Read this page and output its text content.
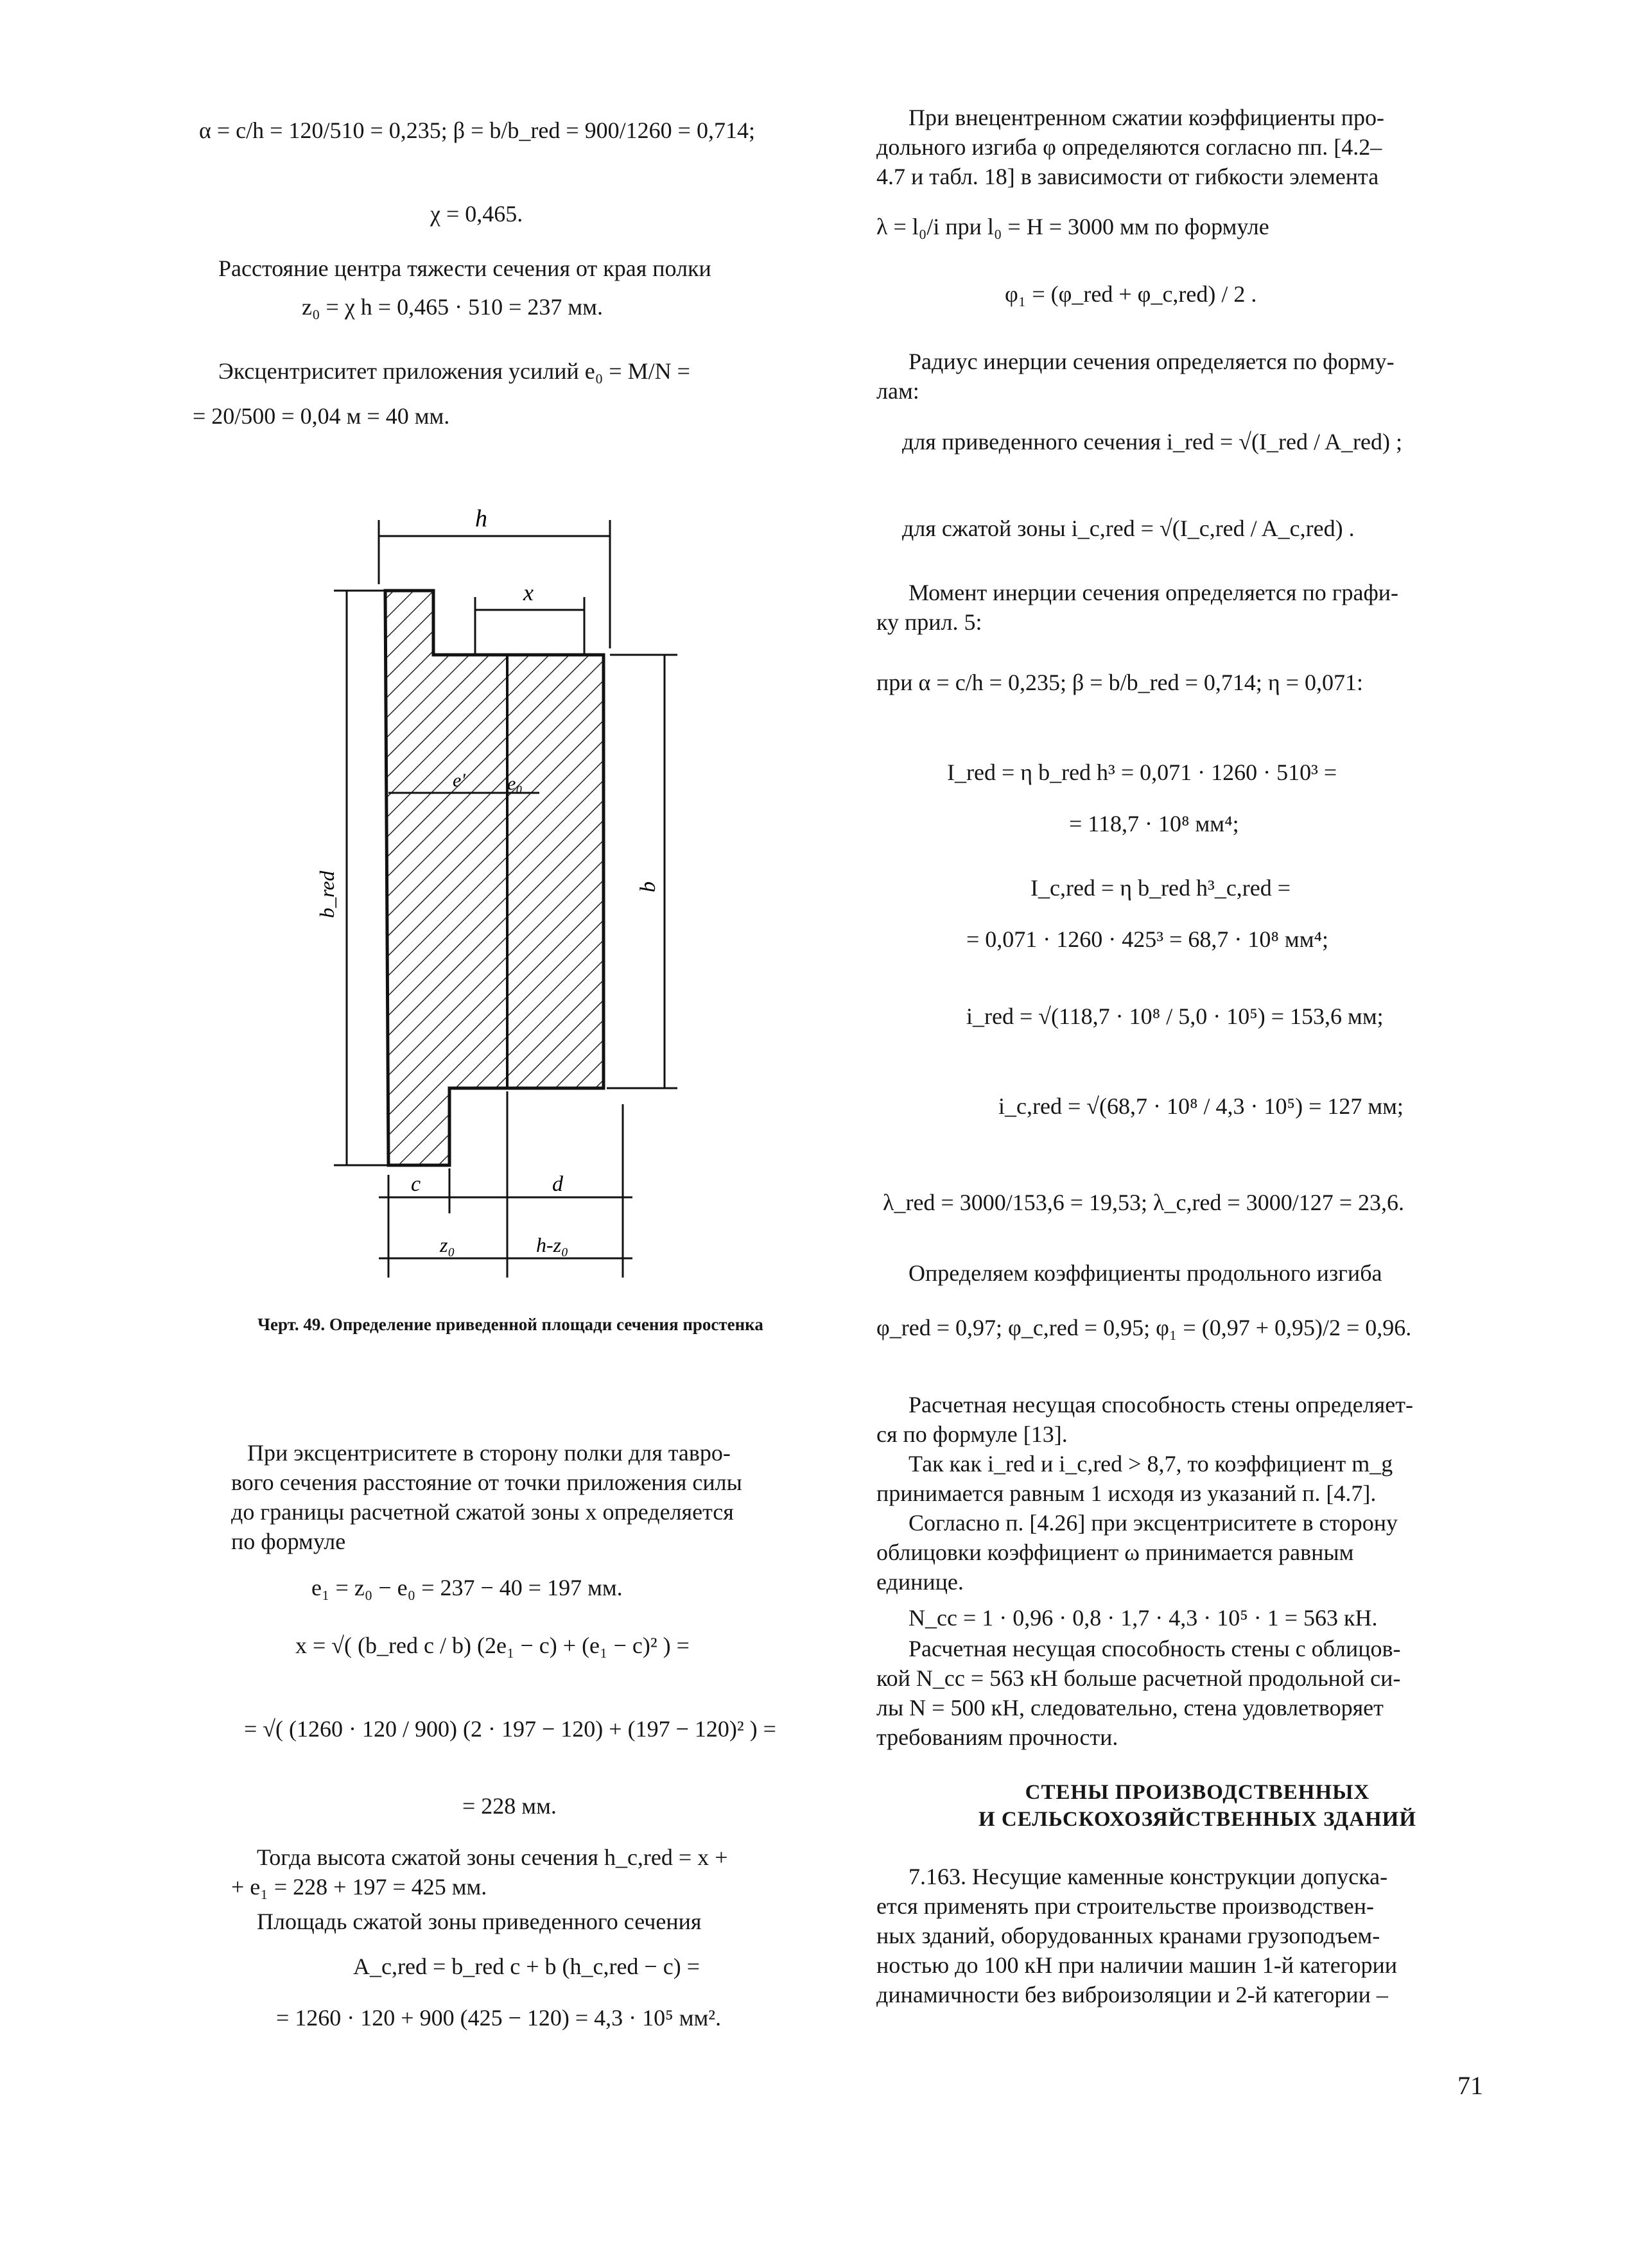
α = c/h = 120/510 = 0,235; β = b/b_red = 900/1260 = 0,714;
χ = 0,465.
Расстояние центра тяжести сечения от края полки
z₀ = χ h = 0,465 · 510 = 237 мм.
Эксцентриситет приложения усилий e₀ = M/N =
= 20/500 = 0,04 м = 40 мм.
h
x
e' e₀
b_red	b
c	d
z₀	h-z₀
Черт. 49. Определение приведенной площади сечения простенка
При эксцентриситете в сторону полки для тавро-
вого сечения расстояние от точки приложения силы
до границы расчетной сжатой зоны x определяется
по формуле
e₁ = z₀ − e₀ = 237 − 40 = 197 мм.
x = √( (b_red c / b) (2e₁ − c) + (e₁ − c)² ) =
= √( (1260 · 120 / 900) (2 · 197 − 120) + (197 − 120)² ) =
= 228 мм.
Тогда высота сжатой зоны сечения h_c,red = x +
+ e₁ = 228 + 197 = 425 мм.
Площадь сжатой зоны приведенного сечения
A_c,red = b_red c + b (h_c,red − c) =
= 1260 · 120 + 900 (425 − 120) = 4,3 · 10⁵ мм².
При внецентренном сжатии коэффициенты про-
дольного изгиба φ определяются согласно пп. [4.2–
4.7 и табл. 18] в зависимости от гибкости элемента
λ = l₀/i при l₀ = H = 3000 мм по формуле
φ₁ = (φ_red + φ_c,red) / 2 .
Радиус инерции сечения определяется по форму-
лам:
для приведенного сечения i_red = √(I_red / A_red) ;
для сжатой зоны i_c,red = √(I_c,red / A_c,red) .
Момент инерции сечения определяется по графи-
ку прил. 5:
при α = c/h = 0,235; β = b/b_red = 0,714; η = 0,071:
I_red = η b_red h³ = 0,071 · 1260 · 510³ =
= 118,7 · 10⁸ мм⁴;
I_c,red = η b_red h³_c,red =
= 0,071 · 1260 · 425³ = 68,7 · 10⁸ мм⁴;
i_red = √(118,7 · 10⁸ / 5,0 · 10⁵) = 153,6 мм;
i_c,red = √(68,7 · 10⁸ / 4,3 · 10⁵) = 127 мм;
λ_red = 3000/153,6 = 19,53; λ_c,red = 3000/127 = 23,6.
Определяем коэффициенты продольного изгиба
φ_red = 0,97; φ_c,red = 0,95; φ₁ = (0,97 + 0,95)/2 = 0,96.
Расчетная несущая способность стены определяет-
ся по формуле [13].
Так как i_red и i_c,red > 8,7, то коэффициент m_g
принимается равным 1 исходя из указаний п. [4.7].
Согласно п. [4.26] при эксцентриситете в сторону
облицовки коэффициент ω принимается равным
единице.
N_cc = 1 · 0,96 · 0,8 · 1,7 · 4,3 · 10⁵ · 1 = 563 кН.
Расчетная несущая способность стены с облицов-
кой N_cc = 563 кН больше расчетной продольной си-
лы N = 500 кН, следовательно, стена удовлетворяет
требованиям прочности.
СТЕНЫ ПРОИЗВОДСТВЕННЫХ
И СЕЛЬСКОХОЗЯЙСТВЕННЫХ ЗДАНИЙ
7.163. Несущие каменные конструкции допуска-
ется применять при строительстве производствен-
ных зданий, оборудованных кранами грузоподъем-
ностью до 100 кН при наличии машин 1-й категории
динамичности без виброизоляции и 2-й категории –
71
